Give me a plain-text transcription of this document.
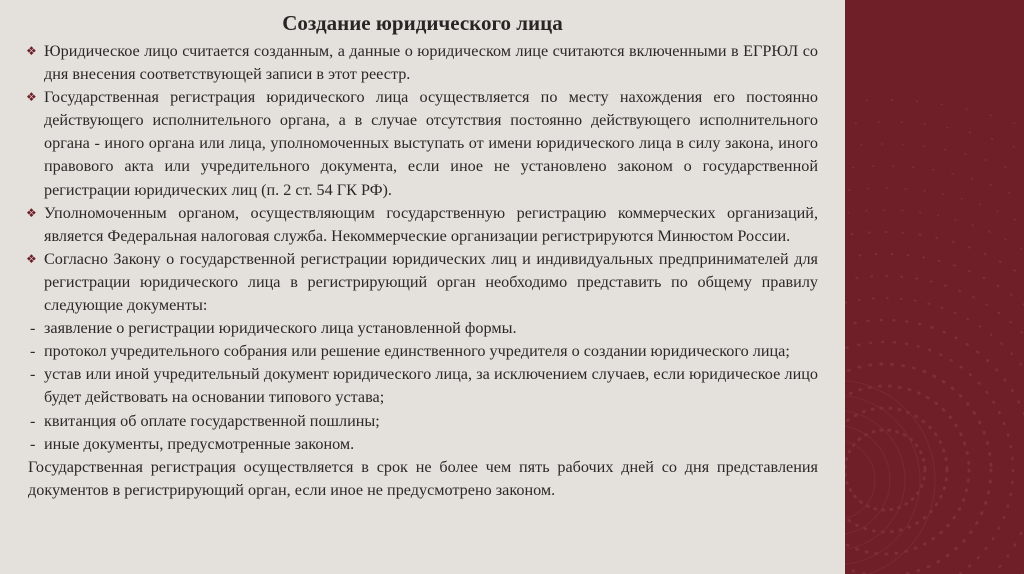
Создание юридического лица

❖ Юридическое лицо считается созданным, а данные о юридическом лице считаются включенными в ЕГРЮЛ со дня внесения соответствующей записи в этот реестр.

❖ Государственная регистрация юридического лица осуществляется по месту нахождения его постоянно действующего исполнительного органа, а в случае отсутствия постоянно действующего исполнительного органа - иного органа или лица, уполномоченных выступать от имени юридического лица в силу закона, иного правового акта или учредительного документа, если иное не установлено законом о государственной регистрации юридических лиц (п. 2 ст. 54 ГК РФ).

❖ Уполномоченным органом, осуществляющим государственную регистрацию коммерческих организаций, является Федеральная налоговая служба. Некоммерческие организации регистрируются Минюстом России.

❖ Согласно Закону о государственной регистрации юридических лиц и индивидуальных предпринимателей для регистрации юридического лица в регистрирующий орган необходимо представить по общему правилу следующие документы:

- заявление о регистрации юридического лица установленной формы.

- протокол учредительного собрания или решение единственного учредителя о создании юридического лица;

- устав или иной учредительный документ юридического лица, за исключением случаев, если юридическое лицо будет действовать на основании типового устава;

- квитанция об оплате государственной пошлины;

- иные документы, предусмотренные законом.

Государственная регистрация осуществляется в срок не более чем пять рабочих дней со дня представления документов в регистрирующий орган, если иное не предусмотрено законом.
